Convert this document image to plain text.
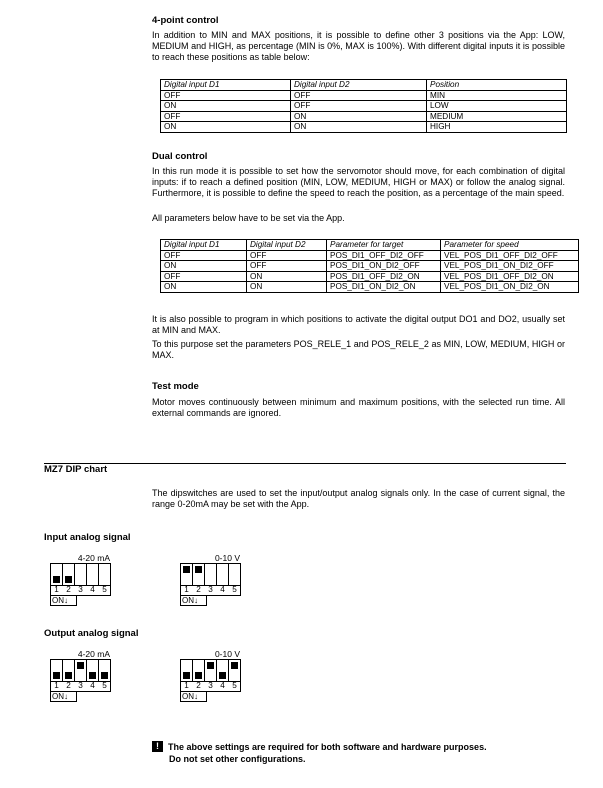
4-point control
In addition to MIN and MAX positions, it is possible to define other 3 positions via the App: LOW, MEDIUM and HIGH, as percentage (MIN is 0%, MAX is 100%). With different digital inputs it is possible to reach these positions as table below:
Digital input D1	Digital input D2	Position
OFF	OFF	MIN
ON	OFF	LOW
OFF	ON	MEDIUM
ON	ON	HIGH
Dual control
In this run mode it is possible to set how the servomotor should move, for each combination of digital inputs: if to reach a defined position (MIN, LOW, MEDIUM, HIGH or MAX) or follow the analog signal. Furthermore, it is possible to define the speed to reach the position, as a percentage of the main speed.
All parameters below have to be set via the App.
Digital input D1	Digital input D2	Parameter for target	Parameter for speed
OFF	OFF	POS_DI1_OFF_DI2_OFF	VEL_POS_DI1_OFF_DI2_OFF
ON	OFF	POS_DI1_ON_DI2_OFF	VEL_POS_DI1_ON_DI2_OFF
OFF	ON	POS_DI1_OFF_DI2_ON	VEL_POS_DI1_OFF_DI2_ON
ON	ON	POS_DI1_ON_DI2_ON	VEL_POS_DI1_ON_DI2_ON
It is also possible to program in which positions to activate the digital output DO1 and DO2, usually set at MIN and MAX.
To this purpose set the parameters POS_RELE_1 and POS_RELE_2 as MIN, LOW, MEDIUM, HIGH or MAX.
Test mode
Motor moves continuously between minimum and maximum positions, with the selected run time. All external commands are ignored.
MZ7 DIP chart
The dipswitches are used to set the input/output analog signals only. In the case of current signal, the range 0-20mA may be set with the App.
Input analog signal
Output analog signal
4-20 mA
1 2 3 4 5
ON↓
0-10 V
1 2 3 4 5
ON↓
4-20 mA
1 2 3 4 5
ON↓
0-10 V
1 2 3 4 5
ON↓
!	The above settings are required for both software and hardware purposes.
Do not set other configurations.
